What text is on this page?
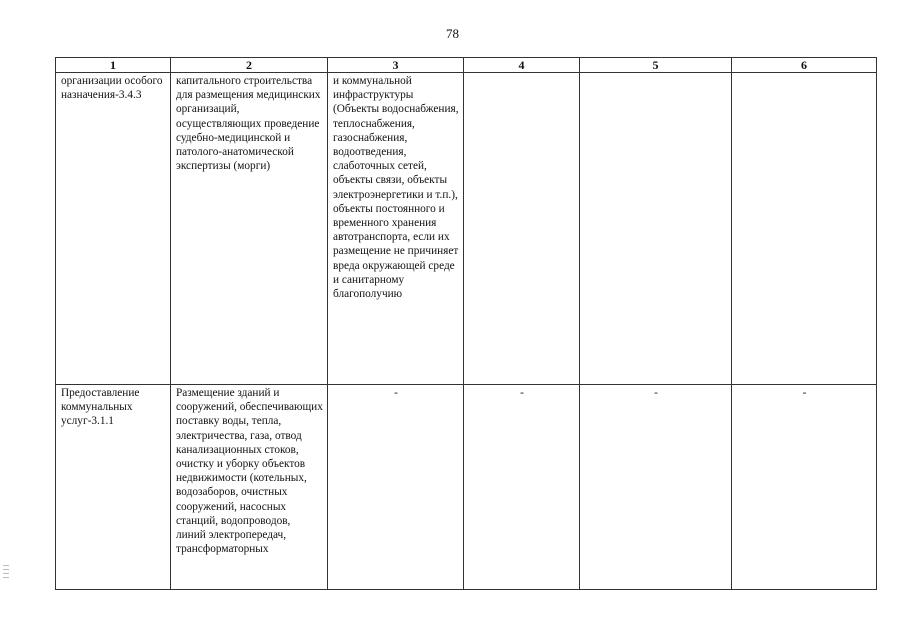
78
1	2	3	4	5	6
организации особого назначения-3.4.3	капитального строительства для размещения медицинских организаций, осуществляющих проведение судебно-медицинской и патолого-анатомической экспертизы (морги)	и коммунальной инфраструктуры (Объекты водоснабжения, теплоснабжения, газоснабжения, водоотведения, слаботочных сетей, объекты связи, объекты электроэнергетики и т.п.), объекты постоянного и временного хранения автотранспорта, если их размещение не причиняет вреда окружающей среде и санитарному благополучию			
Предоставление коммунальных услуг-3.1.1	Размещение зданий и сооружений, обеспечивающих поставку воды, тепла, электричества, газа, отвод канализационных стоков, очистку и уборку объектов недвижимости (котельных, водозаборов, очистных сооружений, насосных станций, водопроводов, линий электропередач, трансформаторных	-	-	-	-
